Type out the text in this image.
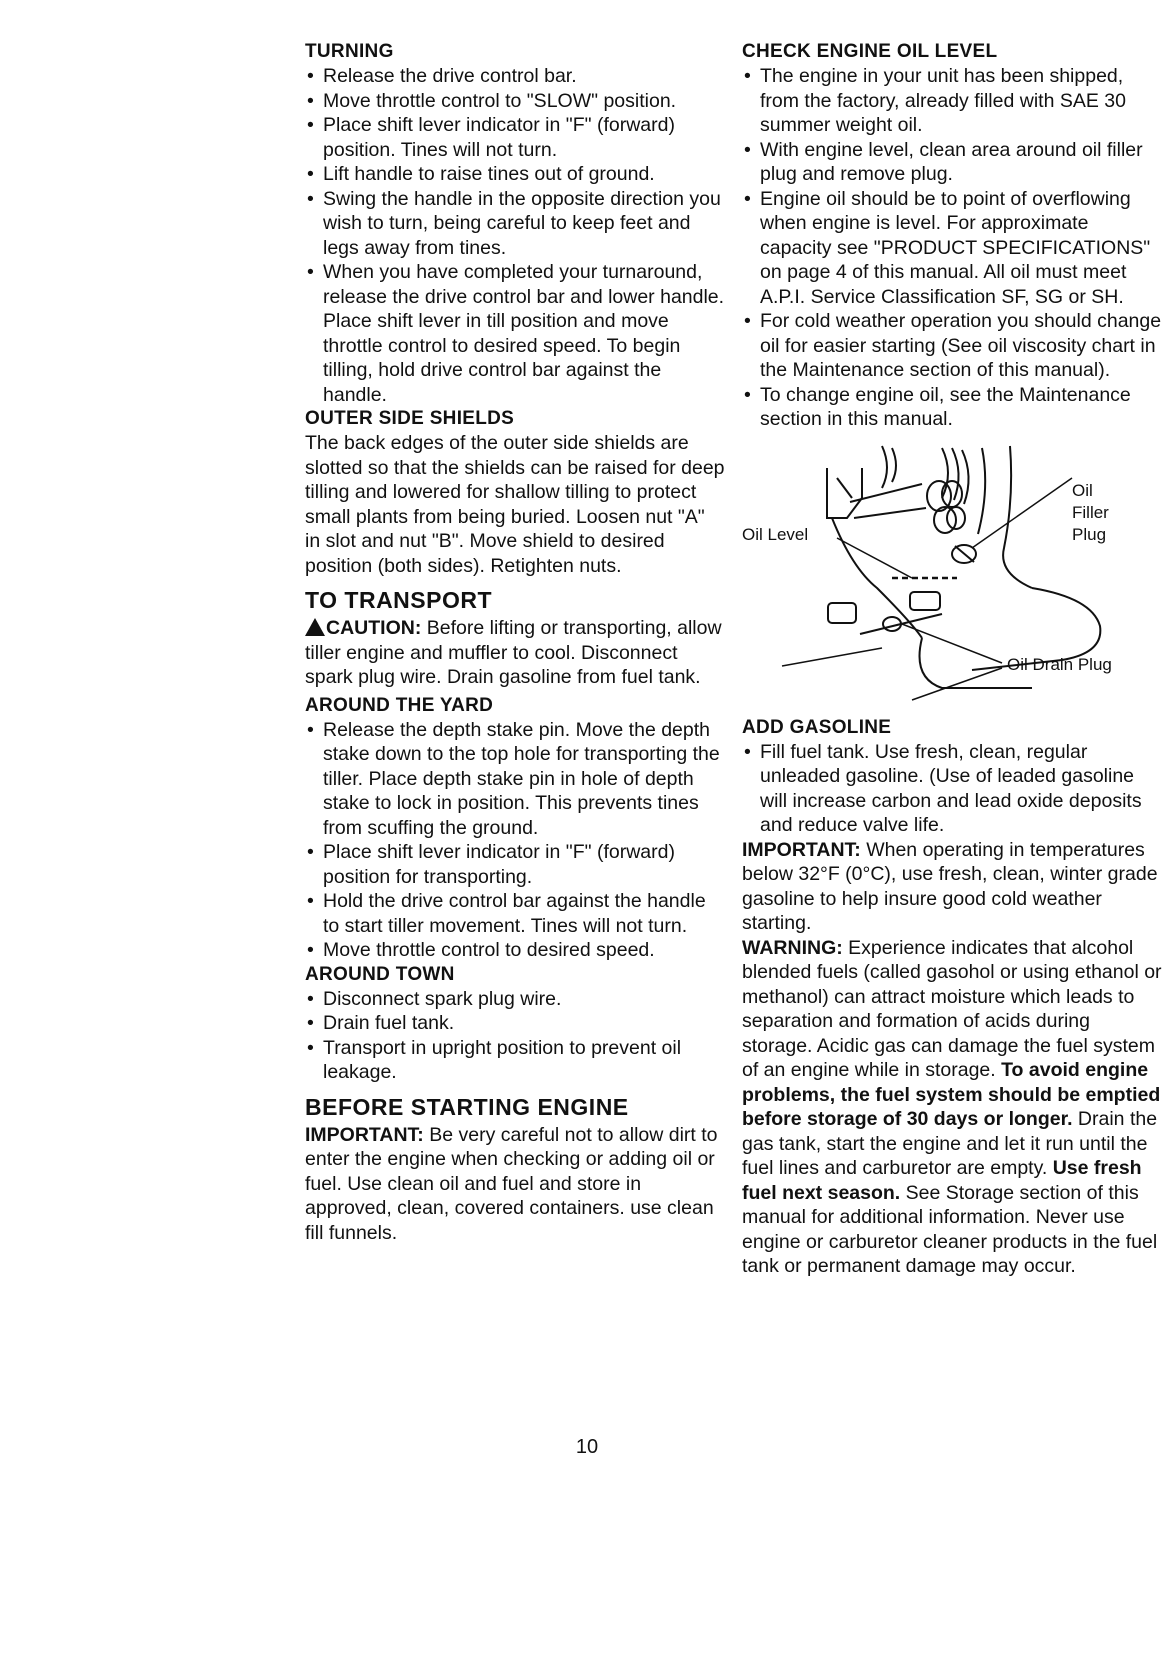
TURNING
• Release the drive control bar.
• Move throttle control to "SLOW" position.
• Place shift lever indicator in "F" (forward) position. Tines will not turn.
• Lift handle to raise tines out of ground.
• Swing the handle in the opposite direction you wish to turn, being careful to keep feet and legs away from tines.
• When you have completed your turnaround, release the drive control bar and lower handle. Place shift lever in till position and move throttle control to desired speed. To begin tilling, hold drive control bar against the handle.
OUTER SIDE SHIELDS

The back edges of the outer side shields are slotted so that the shields can be raised for deep tilling and lowered for shallow tilling to protect small plants from being buried. Loosen nut "A" in slot and nut "B". Move shield to desired position (both sides). Retighten nuts.

TO TRANSPORT

CAUTION: Before lifting or transporting, allow tiller engine and muffler to cool. Disconnect spark plug wire. Drain gasoline from fuel tank.

AROUND THE YARD
• Release the depth stake pin. Move the depth stake down to the top hole for transporting the tiller. Place depth stake pin in hole of depth stake to lock in position. This prevents tines from scuffing the ground.
• Place shift lever indicator in "F" (forward) position for transporting.
• Hold the drive control bar against the handle to start tiller movement. Tines will not turn.
• Move throttle control to desired speed.
AROUND TOWN
• Disconnect spark plug wire.
• Drain fuel tank.
• Transport in upright position to prevent oil leakage.
BEFORE STARTING ENGINE

IMPORTANT: Be very careful not to allow dirt to enter the engine when checking or adding oil or fuel. Use clean oil and fuel and store in approved, clean, covered containers. use clean fill funnels.

CHECK ENGINE OIL LEVEL
• The engine in your unit has been shipped, from the factory, already filled with SAE 30 summer weight oil.
• With engine level, clean area around oil filler plug and remove plug.
• Engine oil should be to point of overflowing when engine is level. For approximate capacity see "PRODUCT SPECIFICATIONS" on page 4 of this manual. All oil must meet A.P.I. Service Classification SF, SG or SH.
• For cold weather operation you should change oil for easier starting (See oil viscosity chart in the Maintenance section of this manual).
• To change engine oil, see the Maintenance section in this manual.
Oil Level
Oil
Filler
Plug
Oil Drain Plug
ADD GASOLINE
• Fill fuel tank. Use fresh, clean, regular unleaded gasoline. (Use of leaded gasoline will increase carbon and lead oxide deposits and reduce valve life.

IMPORTANT: When operating in temperatures below 32°F (0°C), use fresh, clean, winter grade gasoline to help insure good cold weather starting.

WARNING: Experience indicates that alcohol blended fuels (called gasohol or using ethanol or methanol) can attract moisture which leads to separation and formation of acids during storage. Acidic gas can damage the fuel system of an engine while in storage. To avoid engine problems, the fuel system should be emptied before storage of 30 days or longer. Drain the gas tank, start the engine and let it run until the fuel lines and carburetor are empty. Use fresh fuel next season. See Storage section of this manual for additional information. Never use engine or carburetor cleaner products in the fuel tank or permanent damage may occur.

10
